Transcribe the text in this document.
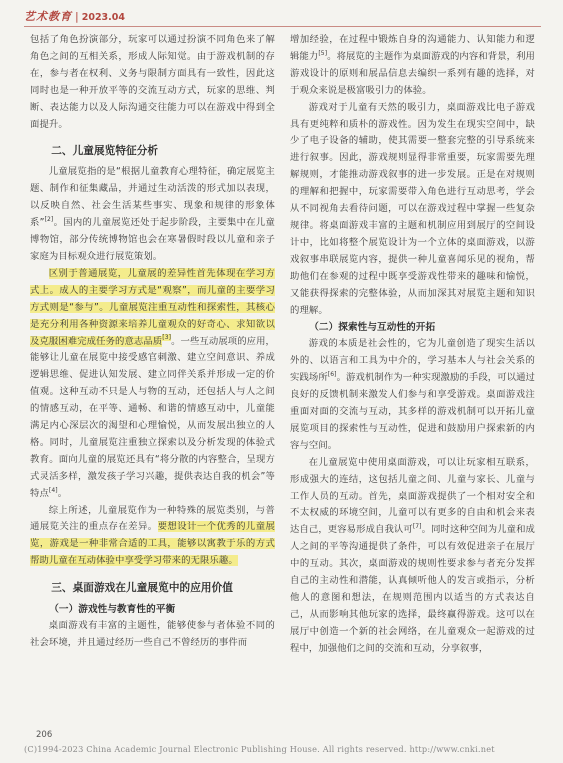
艺术教育 | 2023.04

包括了角色扮演部分，玩家可以通过扮演不同角色来了解角色之间的互相关系，形成人际知觉。由于游戏机制的存在，参与者在权利、义务与限制方面具有一致性，因此这同时也是一种开放平等的交流互动方式，玩家的思维、判断、表达能力以及人际沟通交往能力可以在游戏中得到全面提升。

二、儿童展览特征分析

儿童展览指的是“根据儿童教育心理特征，确定展览主题、制作和征集藏品，并通过生动活泼的形式加以表现，以反映自然、社会生活某些事实、现象和规律的形象体系”[2]。国内的儿童展览还处于起步阶段，主要集中在儿童博物馆，部分传统博物馆也会在寒暑假时段以儿童和亲子家庭为目标观众进行展览策划。

区别于普通展览，儿童展的差异性首先体现在学习方式上。成人的主要学习方式是“观察”，而儿童的主要学习方式则是“参与”。儿童展览注重互动性和探索性，其核心是充分利用各种资源来培养儿童观众的好奇心、求知欲以及克服困难完成任务的意志品质[3]。一些互动展项的应用，能够让儿童在展览中接受感官刺激、建立空间意识、养成逻辑思维、促进认知发展、建立同伴关系并形成一定的价值观。这种互动不只是人与物的互动，还包括人与人之间的情感互动，在平等、通畅、和谐的情感互动中，儿童能满足内心深层次的渴望和心理愉悦，从而发展出独立的人格。同时，儿童展览注重独立探索以及分析发现的体验式教育。面向儿童的展览还具有“将分散的内容整合，呈现方式灵活多样，激发孩子学习兴趣，提供表达自我的机会”等特点[4]。

综上所述，儿童展览作为一种特殊的展览类别，与普通展览关注的重点存在差异。要想设计一个优秀的儿童展览，游戏是一种非常合适的工具，能够以寓教于乐的方式帮助儿童在互动体验中享受学习带来的无限乐趣。

三、桌面游戏在儿童展览中的应用价值
（一）游戏性与教育性的平衡

桌面游戏有丰富的主题性，能够使参与者体验不同的社会环境，并且通过经历一些自己不曾经历的事件而

增加经验，在过程中锻炼自身的沟通能力、认知能力和逻辑能力[5]。将展览的主题作为桌面游戏的内容和背景，利用游戏设计的原则和展品信息去编织一系列有趣的选择，对于观众来说是极富吸引力的体验。

游戏对于儿童有天然的吸引力，桌面游戏比电子游戏具有更纯粹和质朴的游戏性。因为发生在现实空间中，缺少了电子设备的辅助，使其需要一整套完整的引导系统来进行叙事。因此，游戏规则显得非常重要，玩家需要先理解规则，才能推动游戏叙事的进一步发展。正是在对规则的理解和把握中，玩家需要带入角色进行互动思考，学会从不同视角去看待问题，可以在游戏过程中掌握一些复杂规律。将桌面游戏丰富的主题和机制应用到展厅的空间设计中，比如将整个展览设计为一个立体的桌面游戏，以游戏叙事串联展览内容，提供一种儿童喜闻乐见的视角，帮助他们在参观的过程中既享受游戏性带来的趣味和愉悦，又能获得探索的完整体验，从而加深其对展览主题和知识的理解。

（二）探索性与互动性的开拓

游戏的本质是社会性的，它为儿童创造了现实生活以外的、以语言和工具为中介的，学习基本人与社会关系的实践场所[6]。游戏机制作为一种实现激励的手段，可以通过良好的反馈机制来激发人们参与和享受游戏。桌面游戏注重面对面的交流与互动，其多样的游戏机制可以开拓儿童展览项目的探索性与互动性，促进和鼓励用户探索新的内容与空间。

在儿童展览中使用桌面游戏，可以让玩家相互联系，形成强大的连结，这包括儿童之间、儿童与家长、儿童与工作人员的互动。首先，桌面游戏提供了一个相对安全和不太权威的环境空间，儿童可以有更多的自由和机会来表达自己，更容易形成自我认可[7]。同时这种空间为儿童和成人之间的平等沟通提供了条件，可以有效促进亲子在展厅中的互动。其次，桌面游戏的规则性要求参与者充分发挥自己的主动性和潜能，认真倾听他人的发言或指示，分析他人的意图和想法，在规则范围内以适当的方式表达自己，从而影响其他玩家的选择，最终赢得游戏。这可以在展厅中创造一个新的社会网络，在儿童观众一起游戏的过程中，加强他们之间的交流和互动，分享叙事，

206
(C)1994-2023 China Academic Journal Electronic Publishing House. All rights reserved. http://www.cnki.net
